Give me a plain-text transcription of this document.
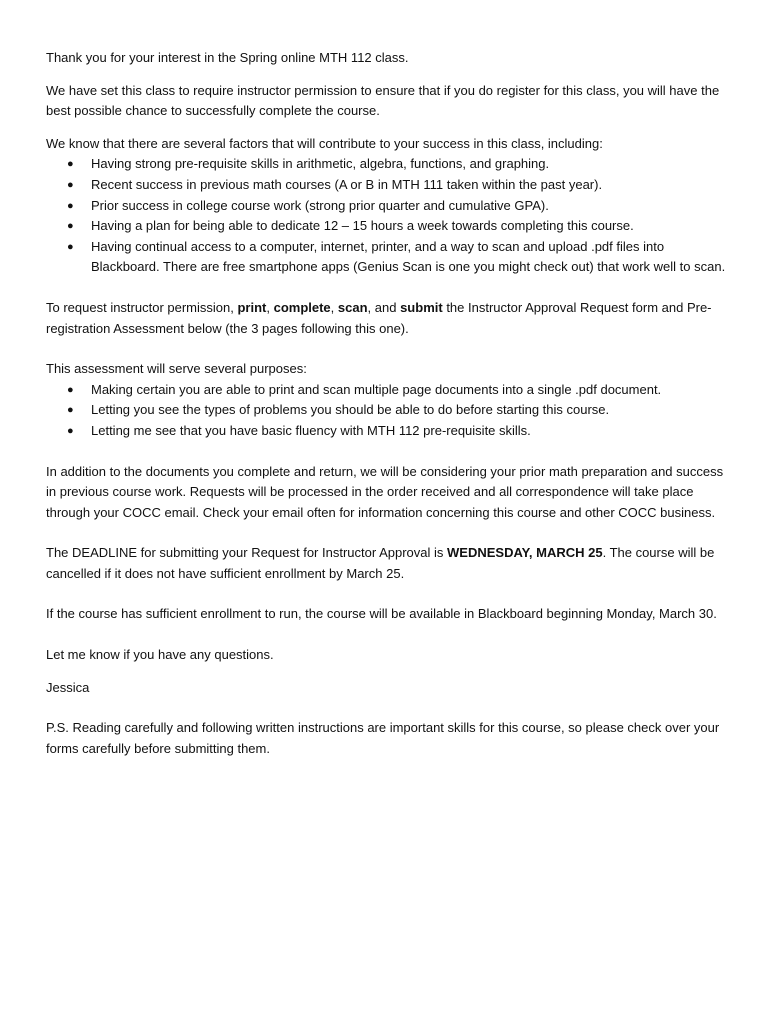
Thank you for your interest in the Spring online MTH 112 class.

We have set this class to require instructor permission to ensure that if you do register for this class, you will have the best possible chance to successfully complete the course.

We know that there are several factors that will contribute to your success in this class, including:

● Having strong pre-requisite skills in arithmetic, algebra, functions, and graphing.
● Recent success in previous math courses (A or B in MTH 111 taken within the past year).
● Prior success in college course work (strong prior quarter and cumulative GPA).
● Having a plan for being able to dedicate 12 – 15 hours a week towards completing this course.
● Having continual access to a computer, internet, printer, and a way to scan and upload .pdf files into Blackboard. There are free smartphone apps (Genius Scan is one you might check out) that work well to scan.

To request instructor permission, print, complete, scan, and submit the Instructor Approval Request form and Pre-registration Assessment below (the 3 pages following this one).

This assessment will serve several purposes:

● Making certain you are able to print and scan multiple page documents into a single .pdf document.
● Letting you see the types of problems you should be able to do before starting this course.
● Letting me see that you have basic fluency with MTH 112 pre-requisite skills.

In addition to the documents you complete and return, we will be considering your prior math preparation and success in previous course work. Requests will be processed in the order received and all correspondence will take place through your COCC email. Check your email often for information concerning this course and other COCC business.

The DEADLINE for submitting your Request for Instructor Approval is WEDNESDAY, MARCH 25. The course will be cancelled if it does not have sufficient enrollment by March 25.

If the course has sufficient enrollment to run, the course will be available in Blackboard beginning Monday, March 30.

Let me know if you have any questions.

Jessica

P.S. Reading carefully and following written instructions are important skills for this course, so please check over your forms carefully before submitting them.
